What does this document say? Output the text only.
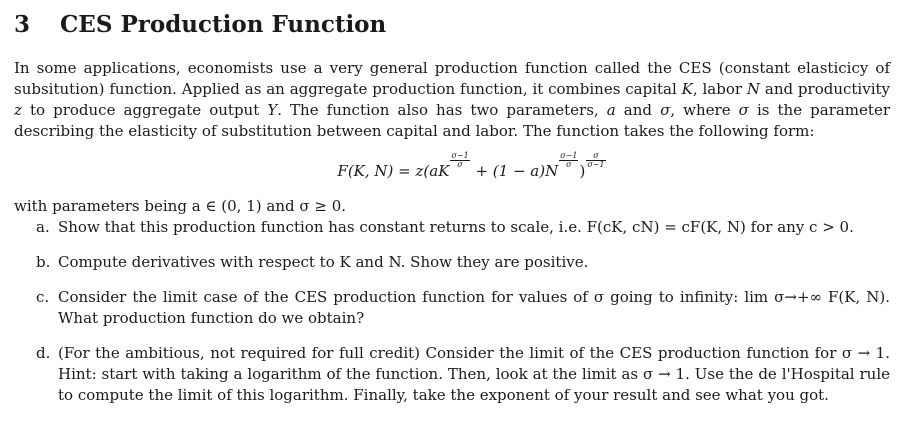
3	CES Production Function

In some applications, economists use a very general production function called the CES (constant elasticicy of subsitution) function. Applied as an aggregate production function, it combines capital K, labor N and productivity z to produce aggregate output Y. The function also has two parameters, a and σ, where σ is the parameter describing the elasticity of substitution between capital and labor. The function takes the following form:

F(K, N) = z(aK
$\frac{\sigma-1}{\sigma}$
+ (1 − a)N
$\frac{\sigma-1}{\sigma}$
)
$\frac{\sigma}{\sigma-1}$

with parameters being a ∈ (0, 1) and σ ≥ 0.

a. Show that this production function has constant returns to scale, i.e. F(cK, cN) = cF(K, N) for any c > 0.
b. Compute derivatives with respect to K and N. Show they are positive.
c. Consider the limit case of the CES production function for values of σ going to infinity: lim σ→+∞ F(K, N). What production function do we obtain?
d. (For the ambitious, not required for full credit) Consider the limit of the CES production function for σ → 1. Hint: start with taking a logarithm of the function. Then, look at the limit as σ → 1. Use the de l'Hospital rule to compute the limit of this logarithm. Finally, take the exponent of your result and see what you got.
